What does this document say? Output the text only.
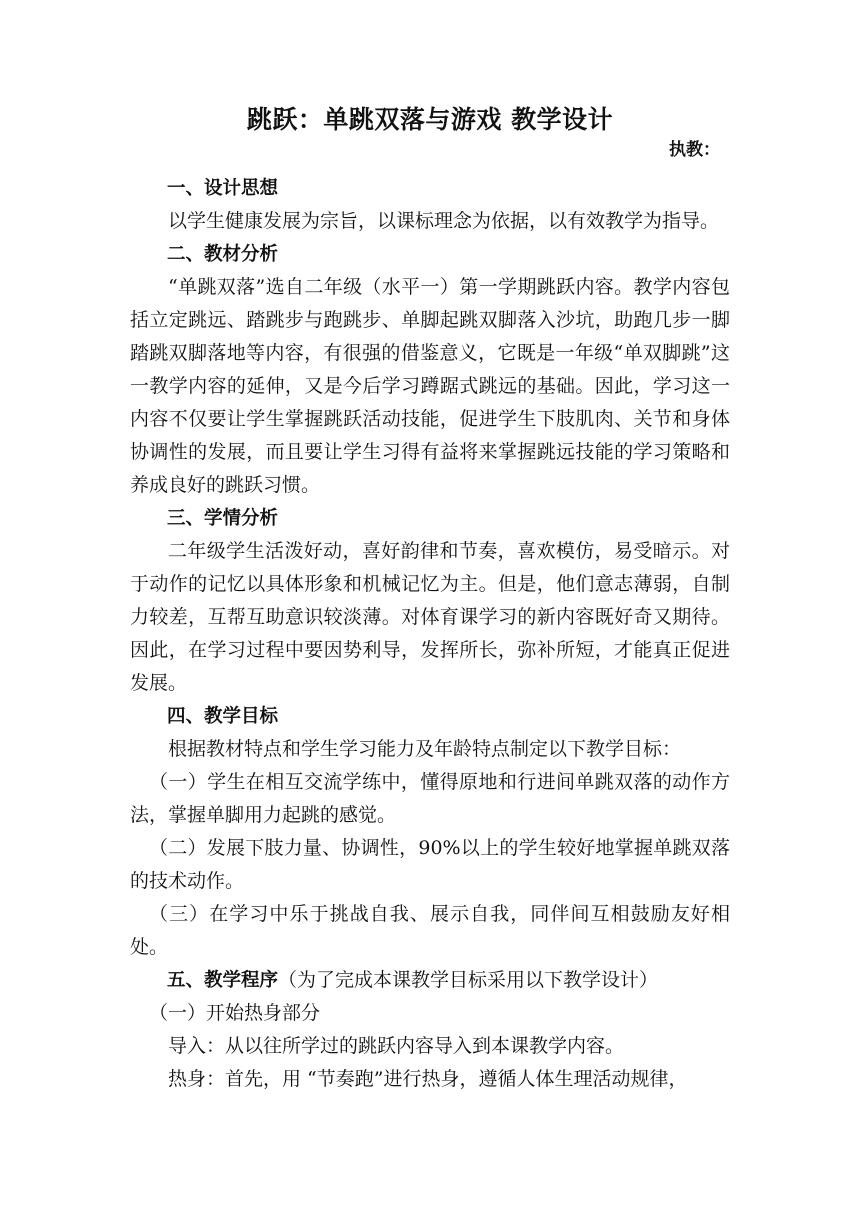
跳跃：单跳双落与游戏 教学设计
执教：

一、设计思想

以学生健康发展为宗旨，以课标理念为依据，以有效教学为指导。

二、教材分析

“单跳双落”选自二年级（水平一）第一学期跳跃内容。教学内容包括立定跳远、踏跳步与跑跳步、单脚起跳双脚落入沙坑，助跑几步一脚踏跳双脚落地等内容，有很强的借鉴意义，它既是一年级“单双脚跳”这一教学内容的延伸，又是今后学习蹲踞式跳远的基础。因此，学习这一内容不仅要让学生掌握跳跃活动技能，促进学生下肢肌肉、关节和身体协调性的发展，而且要让学生习得有益将来掌握跳远技能的学习策略和养成良好的跳跃习惯。

三、学情分析

二年级学生活泼好动，喜好韵律和节奏，喜欢模仿，易受暗示。对于动作的记忆以具体形象和机械记忆为主。但是，他们意志薄弱，自制力较差，互帮互助意识较淡薄。对体育课学习的新内容既好奇又期待。因此，在学习过程中要因势利导，发挥所长，弥补所短，才能真正促进发展。

四、教学目标

根据教材特点和学生学习能力及年龄特点制定以下教学目标：

（一）学生在相互交流学练中，懂得原地和行进间单跳双落的动作方法，掌握单脚用力起跳的感觉。

（二）发展下肢力量、协调性，90%以上的学生较好地掌握单跳双落的技术动作。

（三）在学习中乐于挑战自我、展示自我，同伴间互相鼓励友好相处。

五、教学程序（为了完成本课教学目标采用以下教学设计）

（一）开始热身部分

导入：从以往所学过的跳跃内容导入到本课教学内容。

热身：首先，用 “节奏跑”进行热身，遵循人体生理活动规律，
